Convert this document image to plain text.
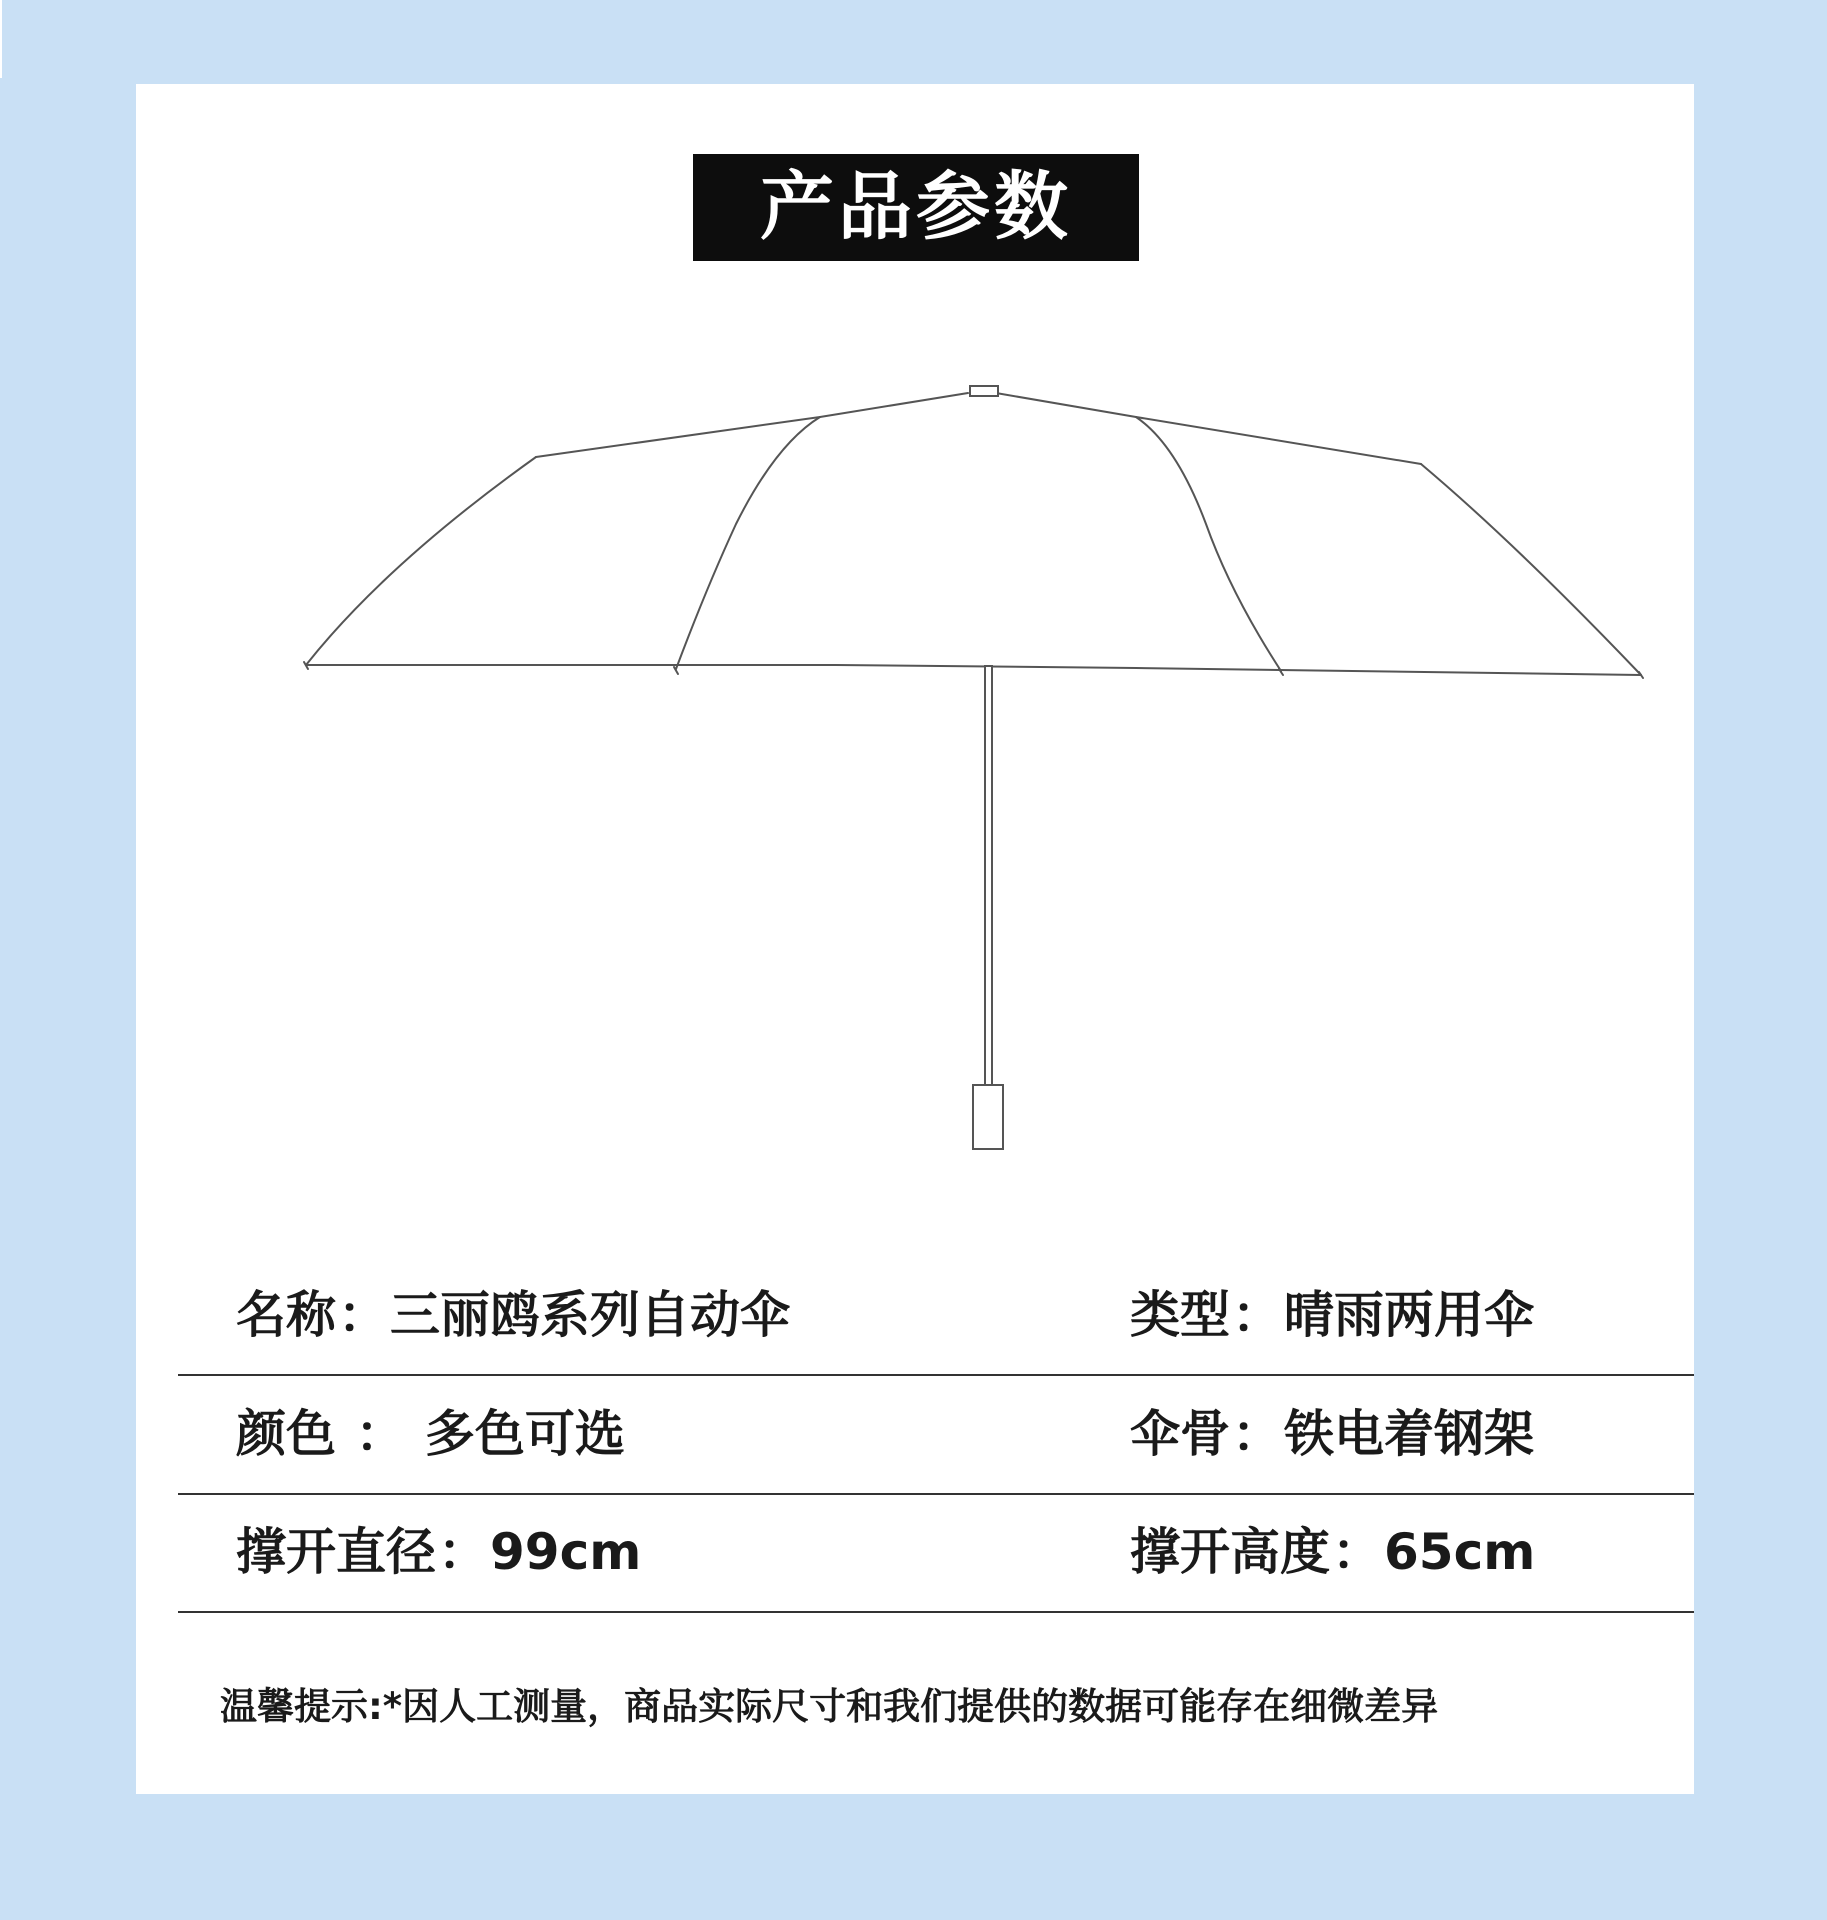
产品参数
名称：三丽鸥系列自动伞	类型：晴雨两用伞
颜色 ： 多色可选	伞骨：铁电着钢架
撑开直径：99cm	撑开高度：65cm
温馨提示:*因人工测量，商品实际尺寸和我们提供的数据可能存在细微差异
